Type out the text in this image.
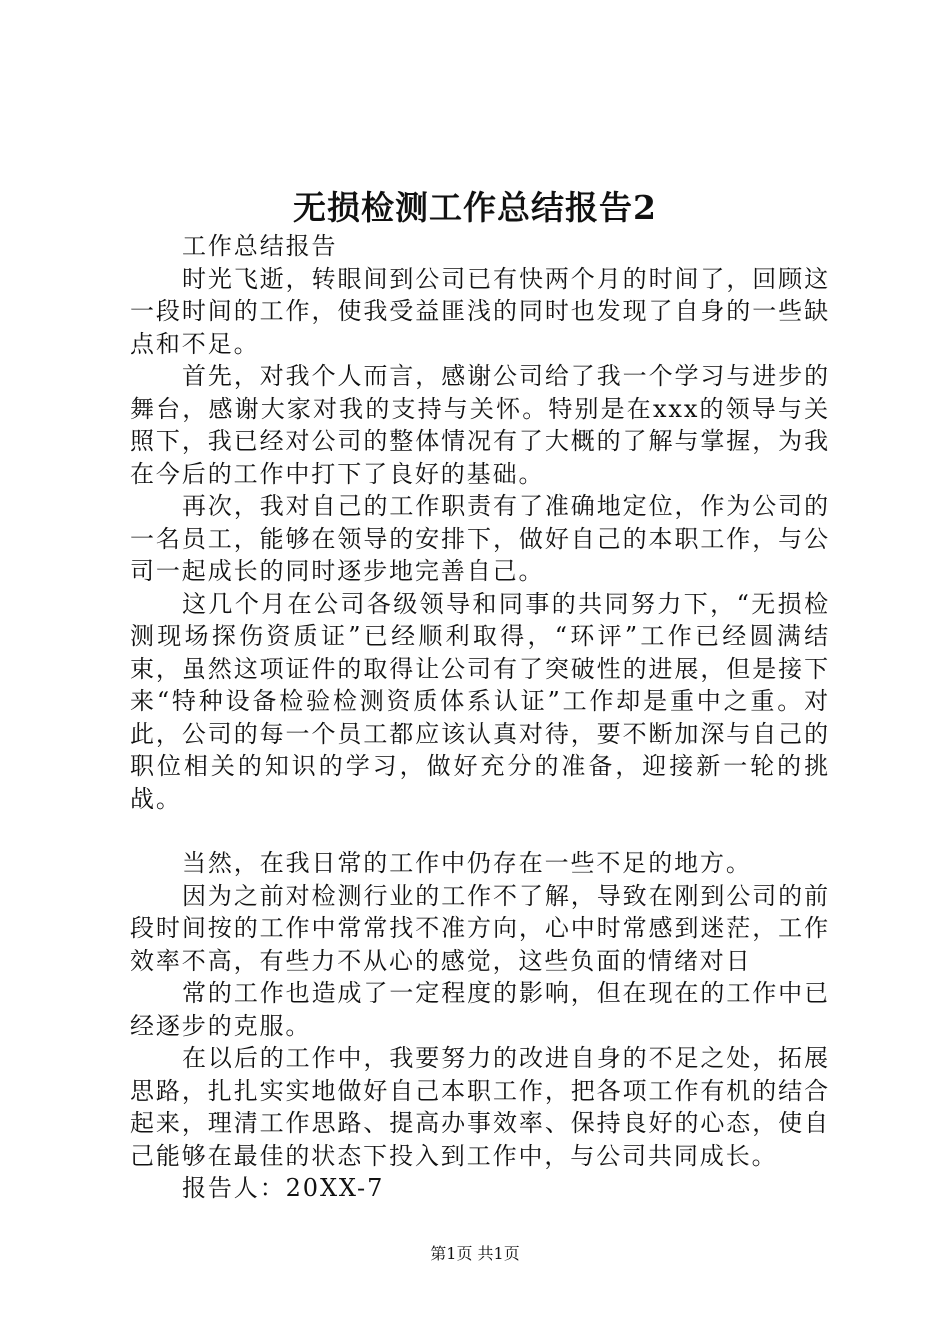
无损检测工作总结报告2

工作总结报告

时光飞逝，转眼间到公司已有快两个月的时间了，回顾这一段时间的工作，使我受益匪浅的同时也发现了自身的一些缺点和不足。

首先，对我个人而言，感谢公司给了我一个学习与进步的舞台，感谢大家对我的支持与关怀。特别是在xxx的领导与关照下，我已经对公司的整体情况有了大概的了解与掌握，为我在今后的工作中打下了良好的基础。

再次，我对自己的工作职责有了准确地定位，作为公司的一名员工，能够在领导的安排下，做好自己的本职工作，与公司一起成长的同时逐步地完善自己。

这几个月在公司各级领导和同事的共同努力下，“无损检测现场探伤资质证”已经顺利取得，“环评”工作已经圆满结束，虽然这项证件的取得让公司有了突破性的进展，但是接下来“特种设备检验检测资质体系认证”工作却是重中之重。对此，公司的每一个员工都应该认真对待，要不断加深与自己的职位相关的知识的学习，做好充分的准备，迎接新一轮的挑战。

当然，在我日常的工作中仍存在一些不足的地方。

因为之前对检测行业的工作不了解，导致在刚到公司的前段时间按的工作中常常找不准方向，心中时常感到迷茫，工作效率不高，有些力不从心的感觉，这些负面的情绪对日

常的工作也造成了一定程度的影响，但在现在的工作中已经逐步的克服。

在以后的工作中，我要努力的改进自身的不足之处，拓展思路，扎扎实实地做好自己本职工作，把各项工作有机的结合起来，理清工作思路、提高办事效率、保持良好的心态，使自己能够在最佳的状态下投入到工作中，与公司共同成长。

报告人：20XX-7

第1页 共1页
